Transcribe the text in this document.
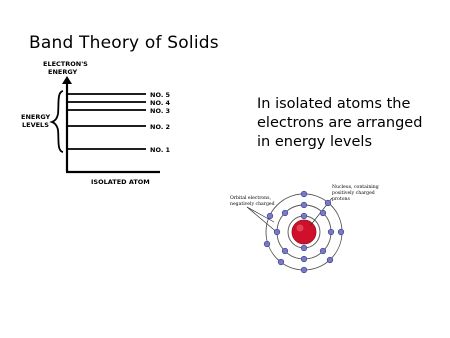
Band Theory of Solids
In isolated atoms the
electrons are arranged
in energy levels
ELECTRON'S
ENERGY
ISOLATED ATOM
NO. 5
NO. 4
NO. 3
NO. 2
NO. 1
ENERGY
LEVELS
Orbital electrons,
negatively charged
Nucleus, containing
positively charged
protons
